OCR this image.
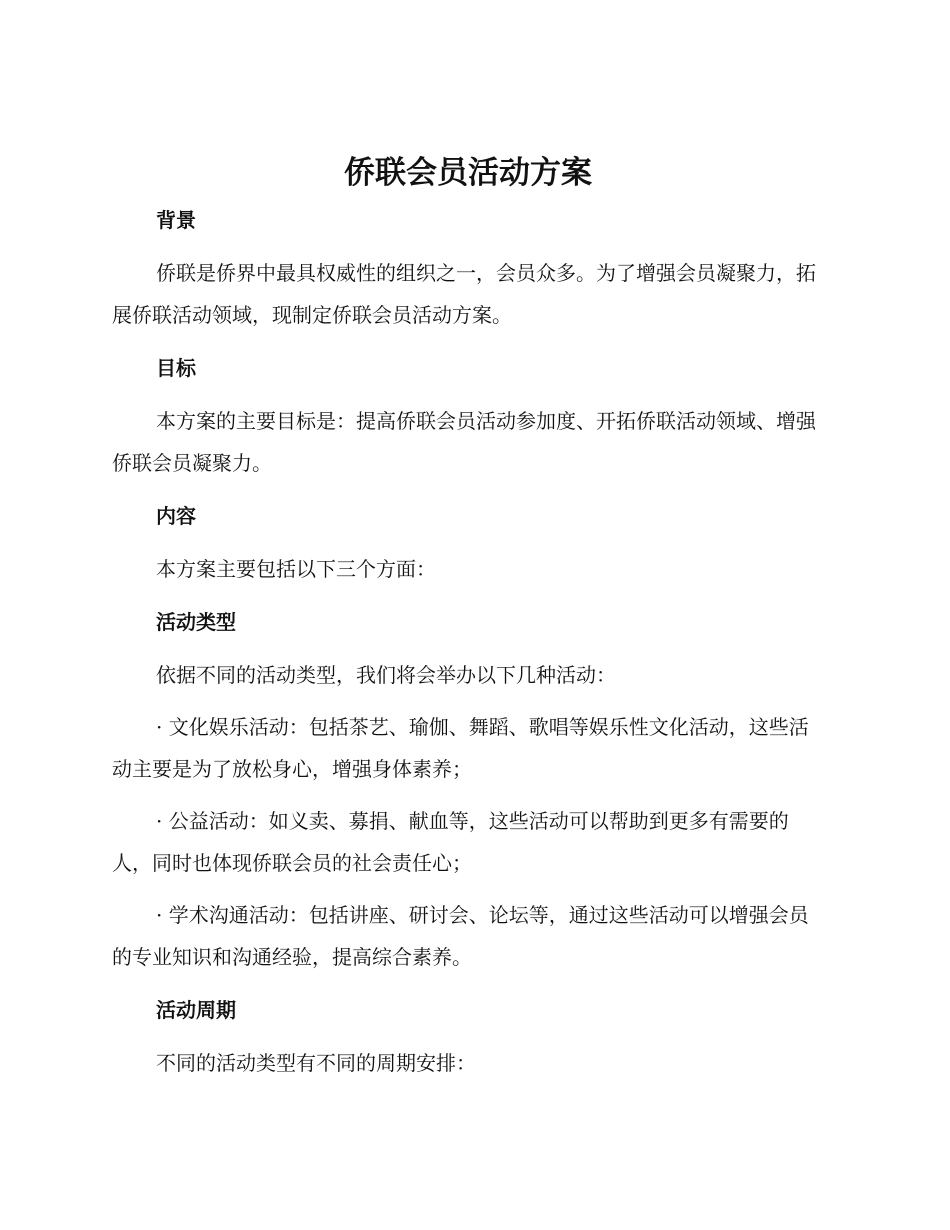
侨联会员活动方案
背景

侨联是侨界中最具权威性的组织之一，会员众多。为了增强会员凝聚力，拓展侨联活动领域，现制定侨联会员活动方案。

目标

本方案的主要目标是：提高侨联会员活动参加度、开拓侨联活动领域、增强侨联会员凝聚力。

内容

本方案主要包括以下三个方面：

活动类型

依据不同的活动类型，我们将会举办以下几种活动：

· 文化娱乐活动：包括茶艺、瑜伽、舞蹈、歌唱等娱乐性文化活动，这些活动主要是为了放松身心，增强身体素养；

· 公益活动：如义卖、募捐、献血等，这些活动可以帮助到更多有需要的人，同时也体现侨联会员的社会责任心；

· 学术沟通活动：包括讲座、研讨会、论坛等，通过这些活动可以增强会员的专业知识和沟通经验，提高综合素养。

活动周期

不同的活动类型有不同的周期安排：
